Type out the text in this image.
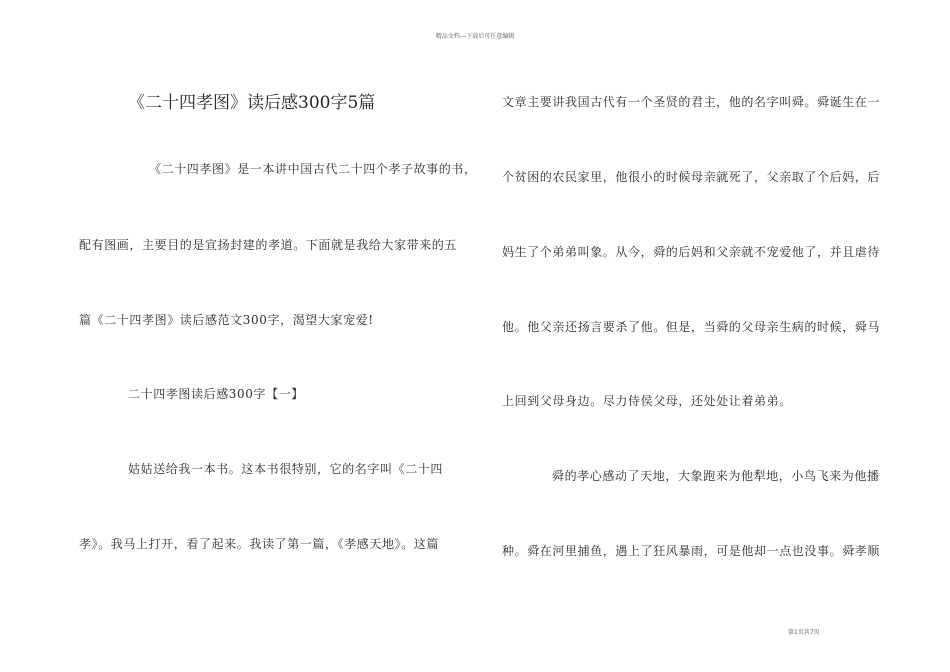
精品文档---下载后可任意编辑
《二十四孝图》读后感300字5篇
《二十四孝图》是一本讲中国古代二十四个孝子故事的书，
配有图画，主要目的是宣扬封建的孝道。下面就是我给大家带来的五
篇《二十四孝图》读后感范文300字，渴望大家宠爱!
二十四孝图读后感300字【一】
姑姑送给我一本书。这本书很特别，它的名字叫《二十四
孝》。我马上打开，看了起来。我读了第一篇，《孝感天地》。这篇
文章主要讲我国古代有一个圣贤的君主，他的名字叫舜。舜诞生在一
个贫困的农民家里，他很小的时候母亲就死了，父亲取了个后妈，后
妈生了个弟弟叫象。从今，舜的后妈和父亲就不宠爱他了，并且虐待
他。他父亲还扬言要杀了他。但是，当舜的父母亲生病的时候，舜马
上回到父母身边。尽力侍侯父母，还处处让着弟弟。
舜的孝心感动了天地，大象跑来为他犁地，小鸟飞来为他播
种。舜在河里捕鱼，遇上了狂风暴雨，可是他却一点也没事。舜孝顺
第1页共7页
